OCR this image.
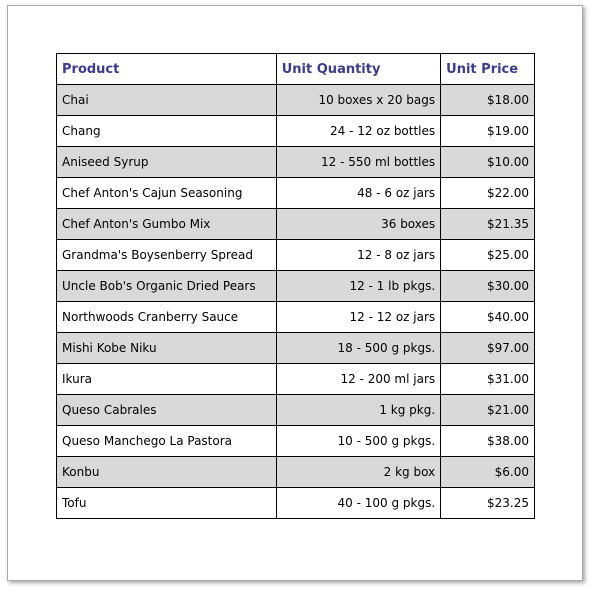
Product	Unit Quantity	Unit Price
Chai	10 boxes x 20 bags	$18.00
Chang	24 - 12 oz bottles	$19.00
Aniseed Syrup	12 - 550 ml bottles	$10.00
Chef Anton's Cajun Seasoning	48 - 6 oz jars	$22.00
Chef Anton's Gumbo Mix	36 boxes	$21.35
Grandma's Boysenberry Spread	12 - 8 oz jars	$25.00
Uncle Bob's Organic Dried Pears	12 - 1 lb pkgs.	$30.00
Northwoods Cranberry Sauce	12 - 12 oz jars	$40.00
Mishi Kobe Niku	18 - 500 g pkgs.	$97.00
Ikura	12 - 200 ml jars	$31.00
Queso Cabrales	1 kg pkg.	$21.00
Queso Manchego La Pastora	10 - 500 g pkgs.	$38.00
Konbu	2 kg box	$6.00
Tofu	40 - 100 g pkgs.	$23.25
